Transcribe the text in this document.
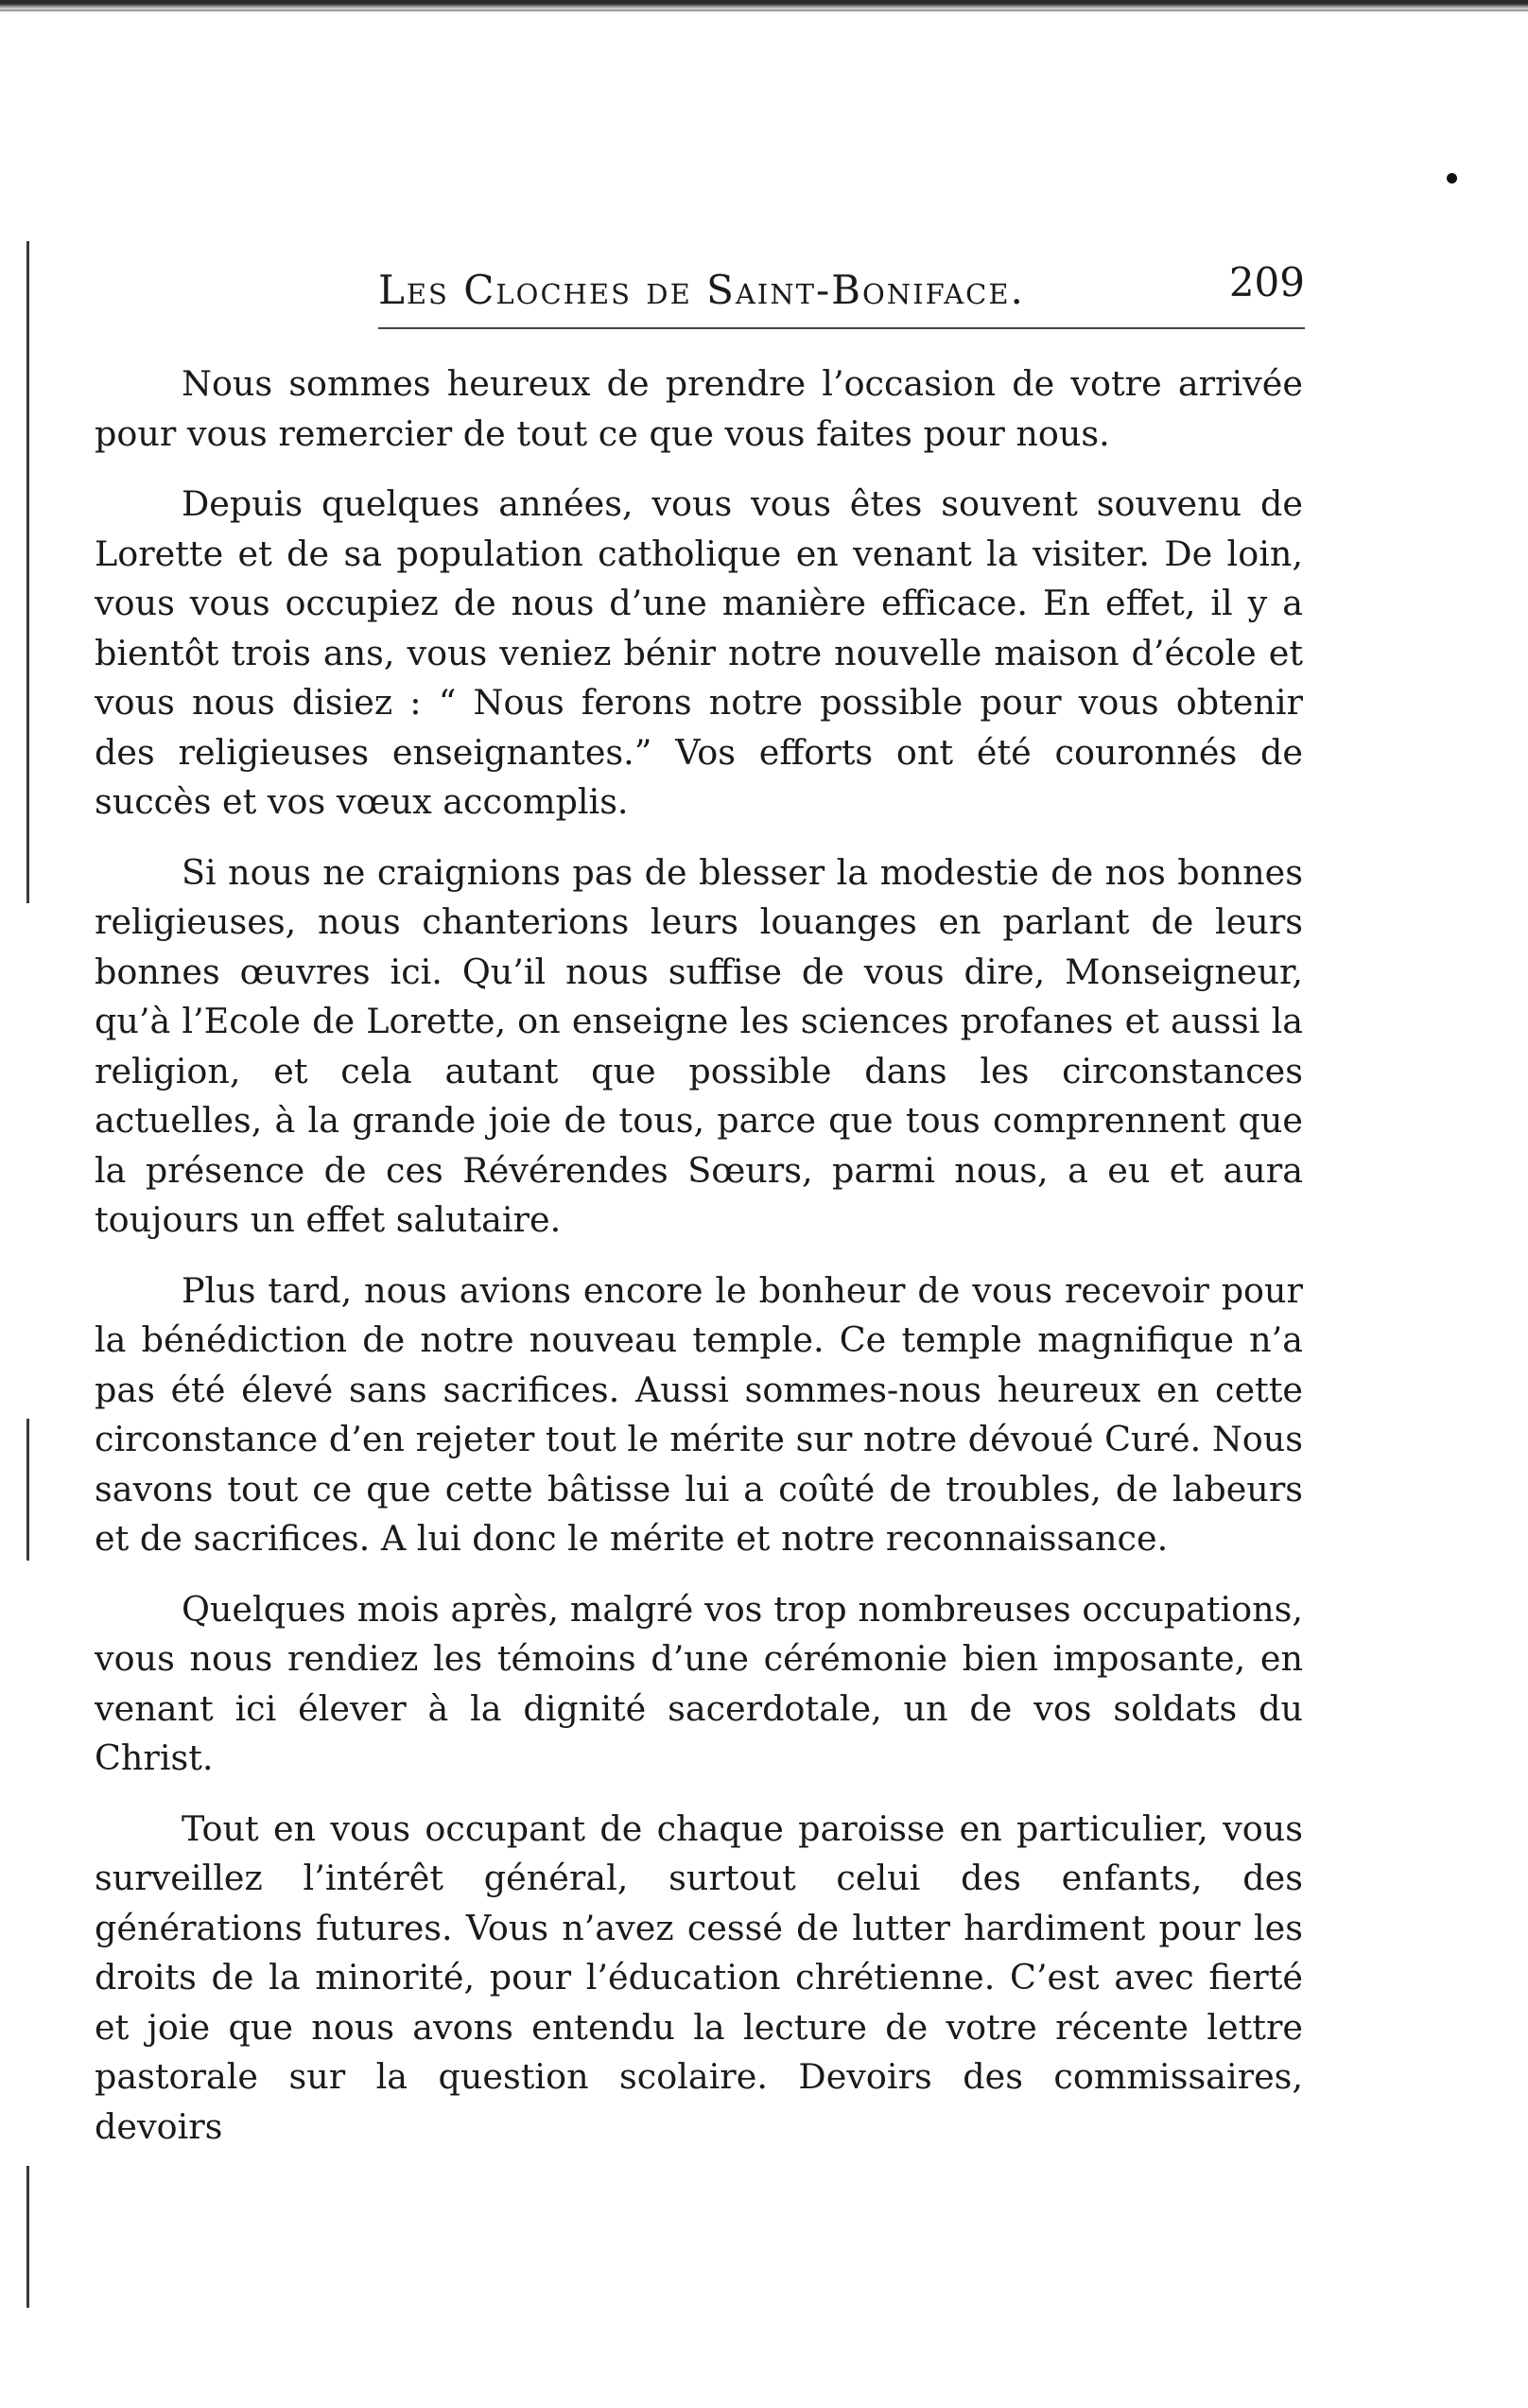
Les Cloches de Saint-Boniface.	209

Nous sommes heureux de prendre l’occasion de votre arrivée pour vous remercier de tout ce que vous faites pour nous.

Depuis quelques années, vous vous êtes souvent souvenu de Lorette et de sa population catholique en venant la visiter. De loin, vous vous occupiez de nous d’une manière efficace. En effet, il y a bientôt trois ans, vous veniez bénir notre nouvelle maison d’école et vous nous disiez : “ Nous ferons notre possible pour vous obtenir des religieuses enseignantes.” Vos efforts ont été couronnés de succès et vos vœux accomplis.

Si nous ne craignions pas de blesser la modestie de nos bonnes religieuses, nous chanterions leurs louanges en parlant de leurs bonnes œuvres ici. Qu’il nous suffise de vous dire, Monseigneur, qu’à l’Ecole de Lorette, on enseigne les sciences profanes et aussi la religion, et cela autant que possible dans les circonstances actuelles, à la grande joie de tous, parce que tous comprennent que la présence de ces Révérendes Sœurs, parmi nous, a eu et aura toujours un effet salutaire.

Plus tard, nous avions encore le bonheur de vous recevoir pour la bénédiction de notre nouveau temple. Ce temple magnifique n’a pas été élevé sans sacrifices. Aussi sommes-nous heureux en cette circonstance d’en rejeter tout le mérite sur notre dévoué Curé. Nous savons tout ce que cette bâtisse lui a coûté de troubles, de labeurs et de sacrifices. A lui donc le mérite et notre reconnaissance.

Quelques mois après, malgré vos trop nombreuses occupations, vous nous rendiez les témoins d’une cérémonie bien imposante, en venant ici élever à la dignité sacerdotale, un de vos soldats du Christ.

Tout en vous occupant de chaque paroisse en particulier, vous surveillez l’intérêt général, surtout celui des enfants, des générations futures. Vous n’avez cessé de lutter hardiment pour les droits de la minorité, pour l’éducation chrétienne. C’est avec fierté et joie que nous avons entendu la lecture de votre récente lettre pastorale sur la question scolaire. Devoirs des commissaires, devoirs
